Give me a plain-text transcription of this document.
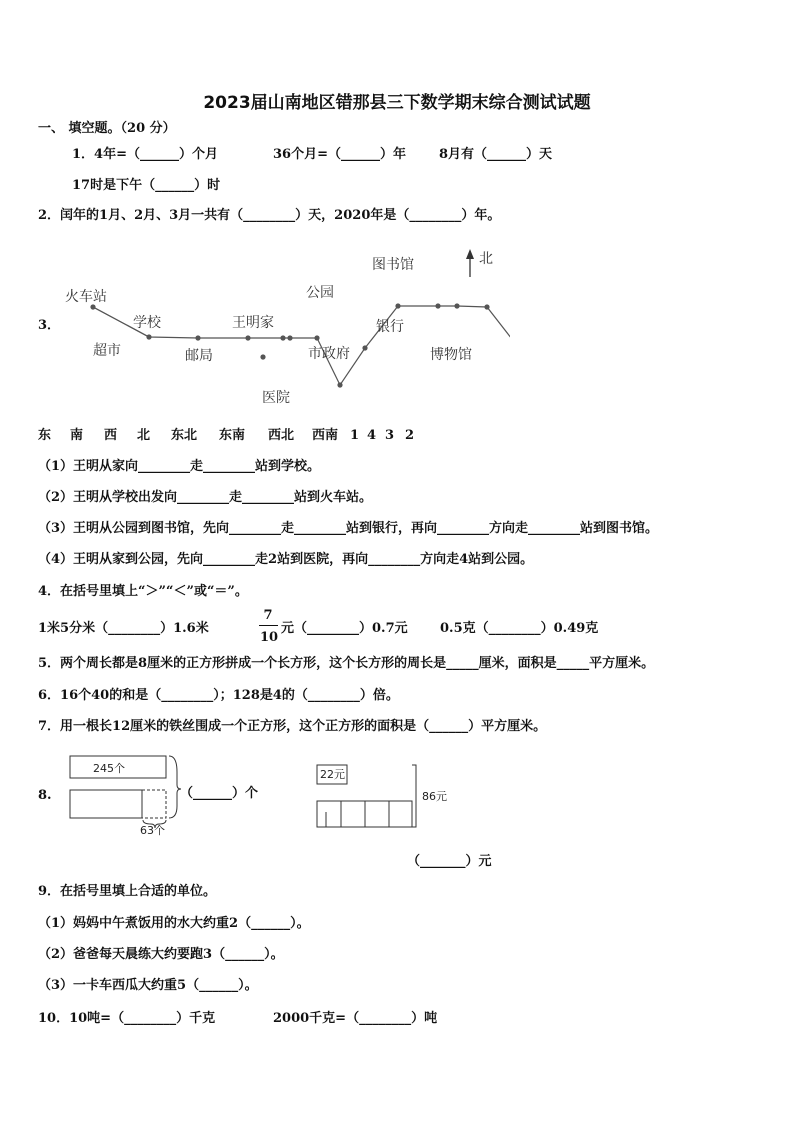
2023届山南地区错那县三下数学期末综合测试试题
一、 填空题。（20 分）
1．4年=（______）个月	36个月=（______）年	8月有（______）天
17时是下午（______）时
2．闰年的1月、2月、3月一共有（________）天，2020年是（________）年。
3．
北
火车站
超市
学校
邮局
王明家
医院
市政府
公园
图书馆
银行
博物馆
东 南 西 北 东北 东南 西北 西南 1 4 3 2
（1）王明从家向________走________站到学校。
（2）王明从学校出发向________走________站到火车站。
（3）王明从公园到图书馆，先向________走________站到银行，再向________方向走________站到图书馆。
（4）王明从家到公园，先向________走2站到医院，再向________方向走4站到公园。
4．在括号里填上“＞”“＜”或“＝”。
1米5分米（________）1.6米
7
10
元（________）0.7元 0.5克（________）0.49克
5．两个周长都是8厘米的正方形拼成一个长方形，这个长方形的周长是_____厘米，面积是_____平方厘米。
6．16个40的和是（________）；128是4的（________）倍。
7．用一根长12厘米的铁丝围成一个正方形，这个正方形的面积是（______）平方厘米。
8.
245个
63个
（______）个
22元
86元
（_______）元
9．在括号里填上合适的单位。
（1）妈妈中午煮饭用的水大约重2（______）。
（2）爸爸每天晨练大约要跑3（______）。
（3）一卡车西瓜大约重5（______）。
10．10吨=（________）千克	2000千克=（________）吨
